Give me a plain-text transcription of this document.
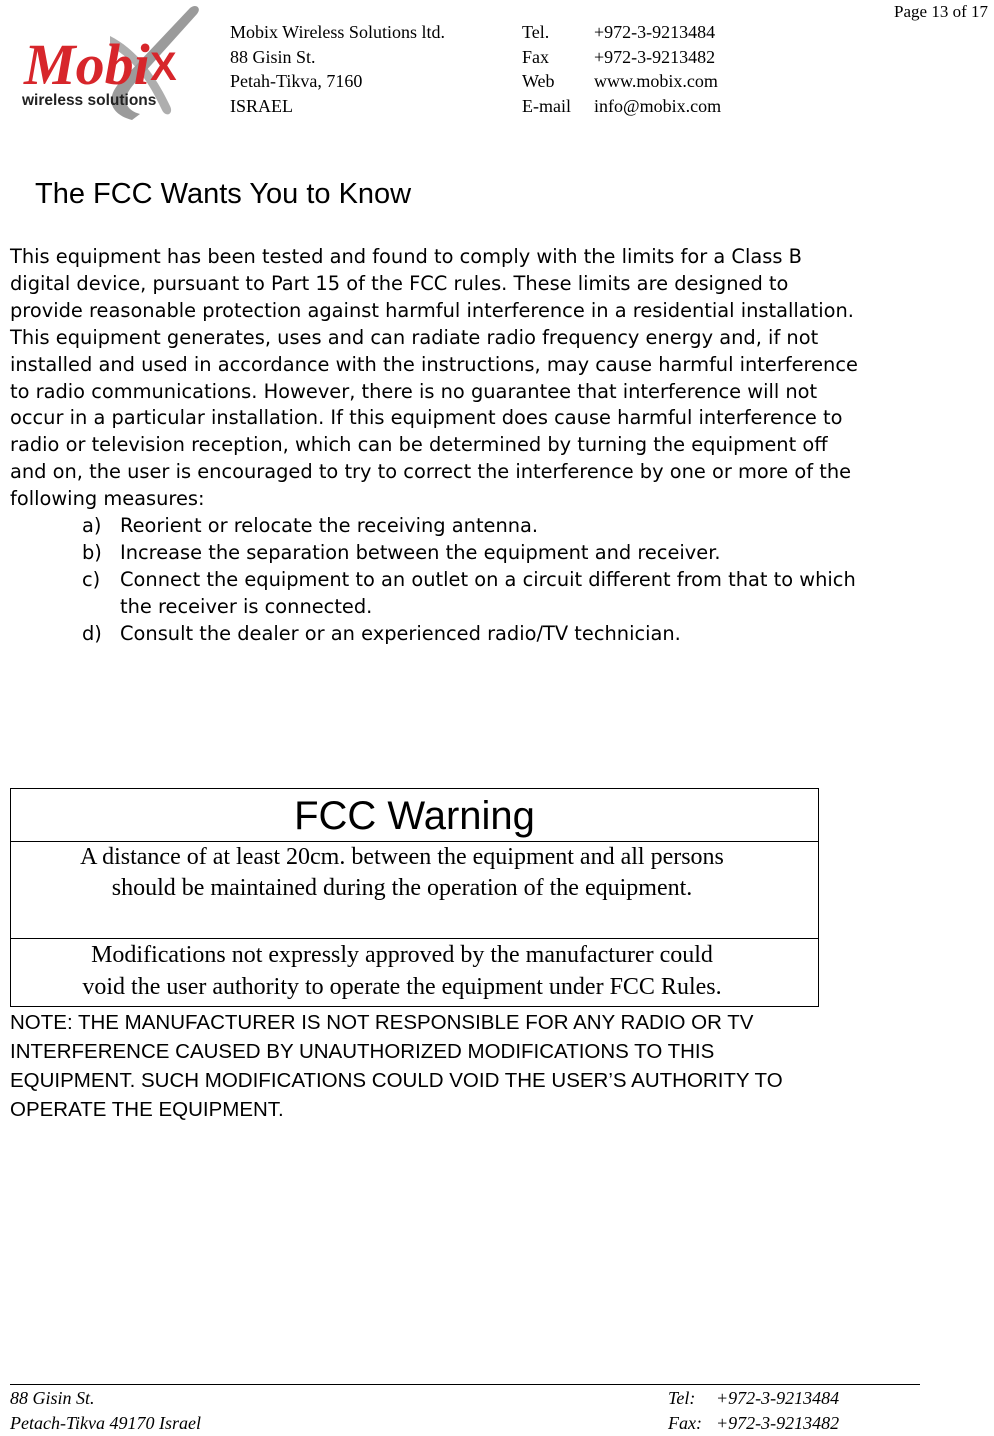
Page 13 of 17
Mobi X
wireless solutions
Mobix Wireless Solutions ltd.
88 Gisin St.
Petah-Tikva, 7160
ISRAEL
Tel.	+972-3-9213484
Fax	+972-3-9213482
Web	www.mobix.com
E-mail	info@mobix.com
The FCC Wants You to Know

This equipment has been tested and found to comply with the limits for a Class B

digital device, pursuant to Part 15 of the FCC rules. These limits are designed to

provide reasonable protection against harmful interference in a residential installation.

This equipment generates, uses and can radiate radio frequency energy and, if not

installed and used in accordance with the instructions, may cause harmful interference

to radio communications. However, there is no guarantee that interference will not

occur in a particular installation. If this equipment does cause harmful interference to

radio or television reception, which can be determined by turning the equipment off

and on, the user is encouraged to try to correct the interference by one or more of the

following measures:

a) Reorient or relocate the receiving antenna.
b) Increase the separation between the equipment and receiver.
c)	Connect the equipment to an outlet on a circuit different from that to which
the receiver is connected.
d) Consult the dealer or an experienced radio/TV technician.
FCC Warning
A distance of at least 20cm. between the equipment and all persons
should be maintained during the operation of the equipment.
Modifications not expressly approved by the manufacturer could
void the user authority to operate the equipment under FCC Rules.
NOTE: THE MANUFACTURER IS NOT RESPONSIBLE FOR ANY RADIO OR TV
INTERFERENCE CAUSED BY UNAUTHORIZED MODIFICATIONS TO THIS
EQUIPMENT. SUCH MODIFICATIONS COULD VOID THE USER’S AUTHORITY TO
OPERATE THE EQUIPMENT.
88 Gisin St.
Petach-Tikva 49170 Israel
Tel:	+972-3-9213484
Fax: +972-3-9213482
